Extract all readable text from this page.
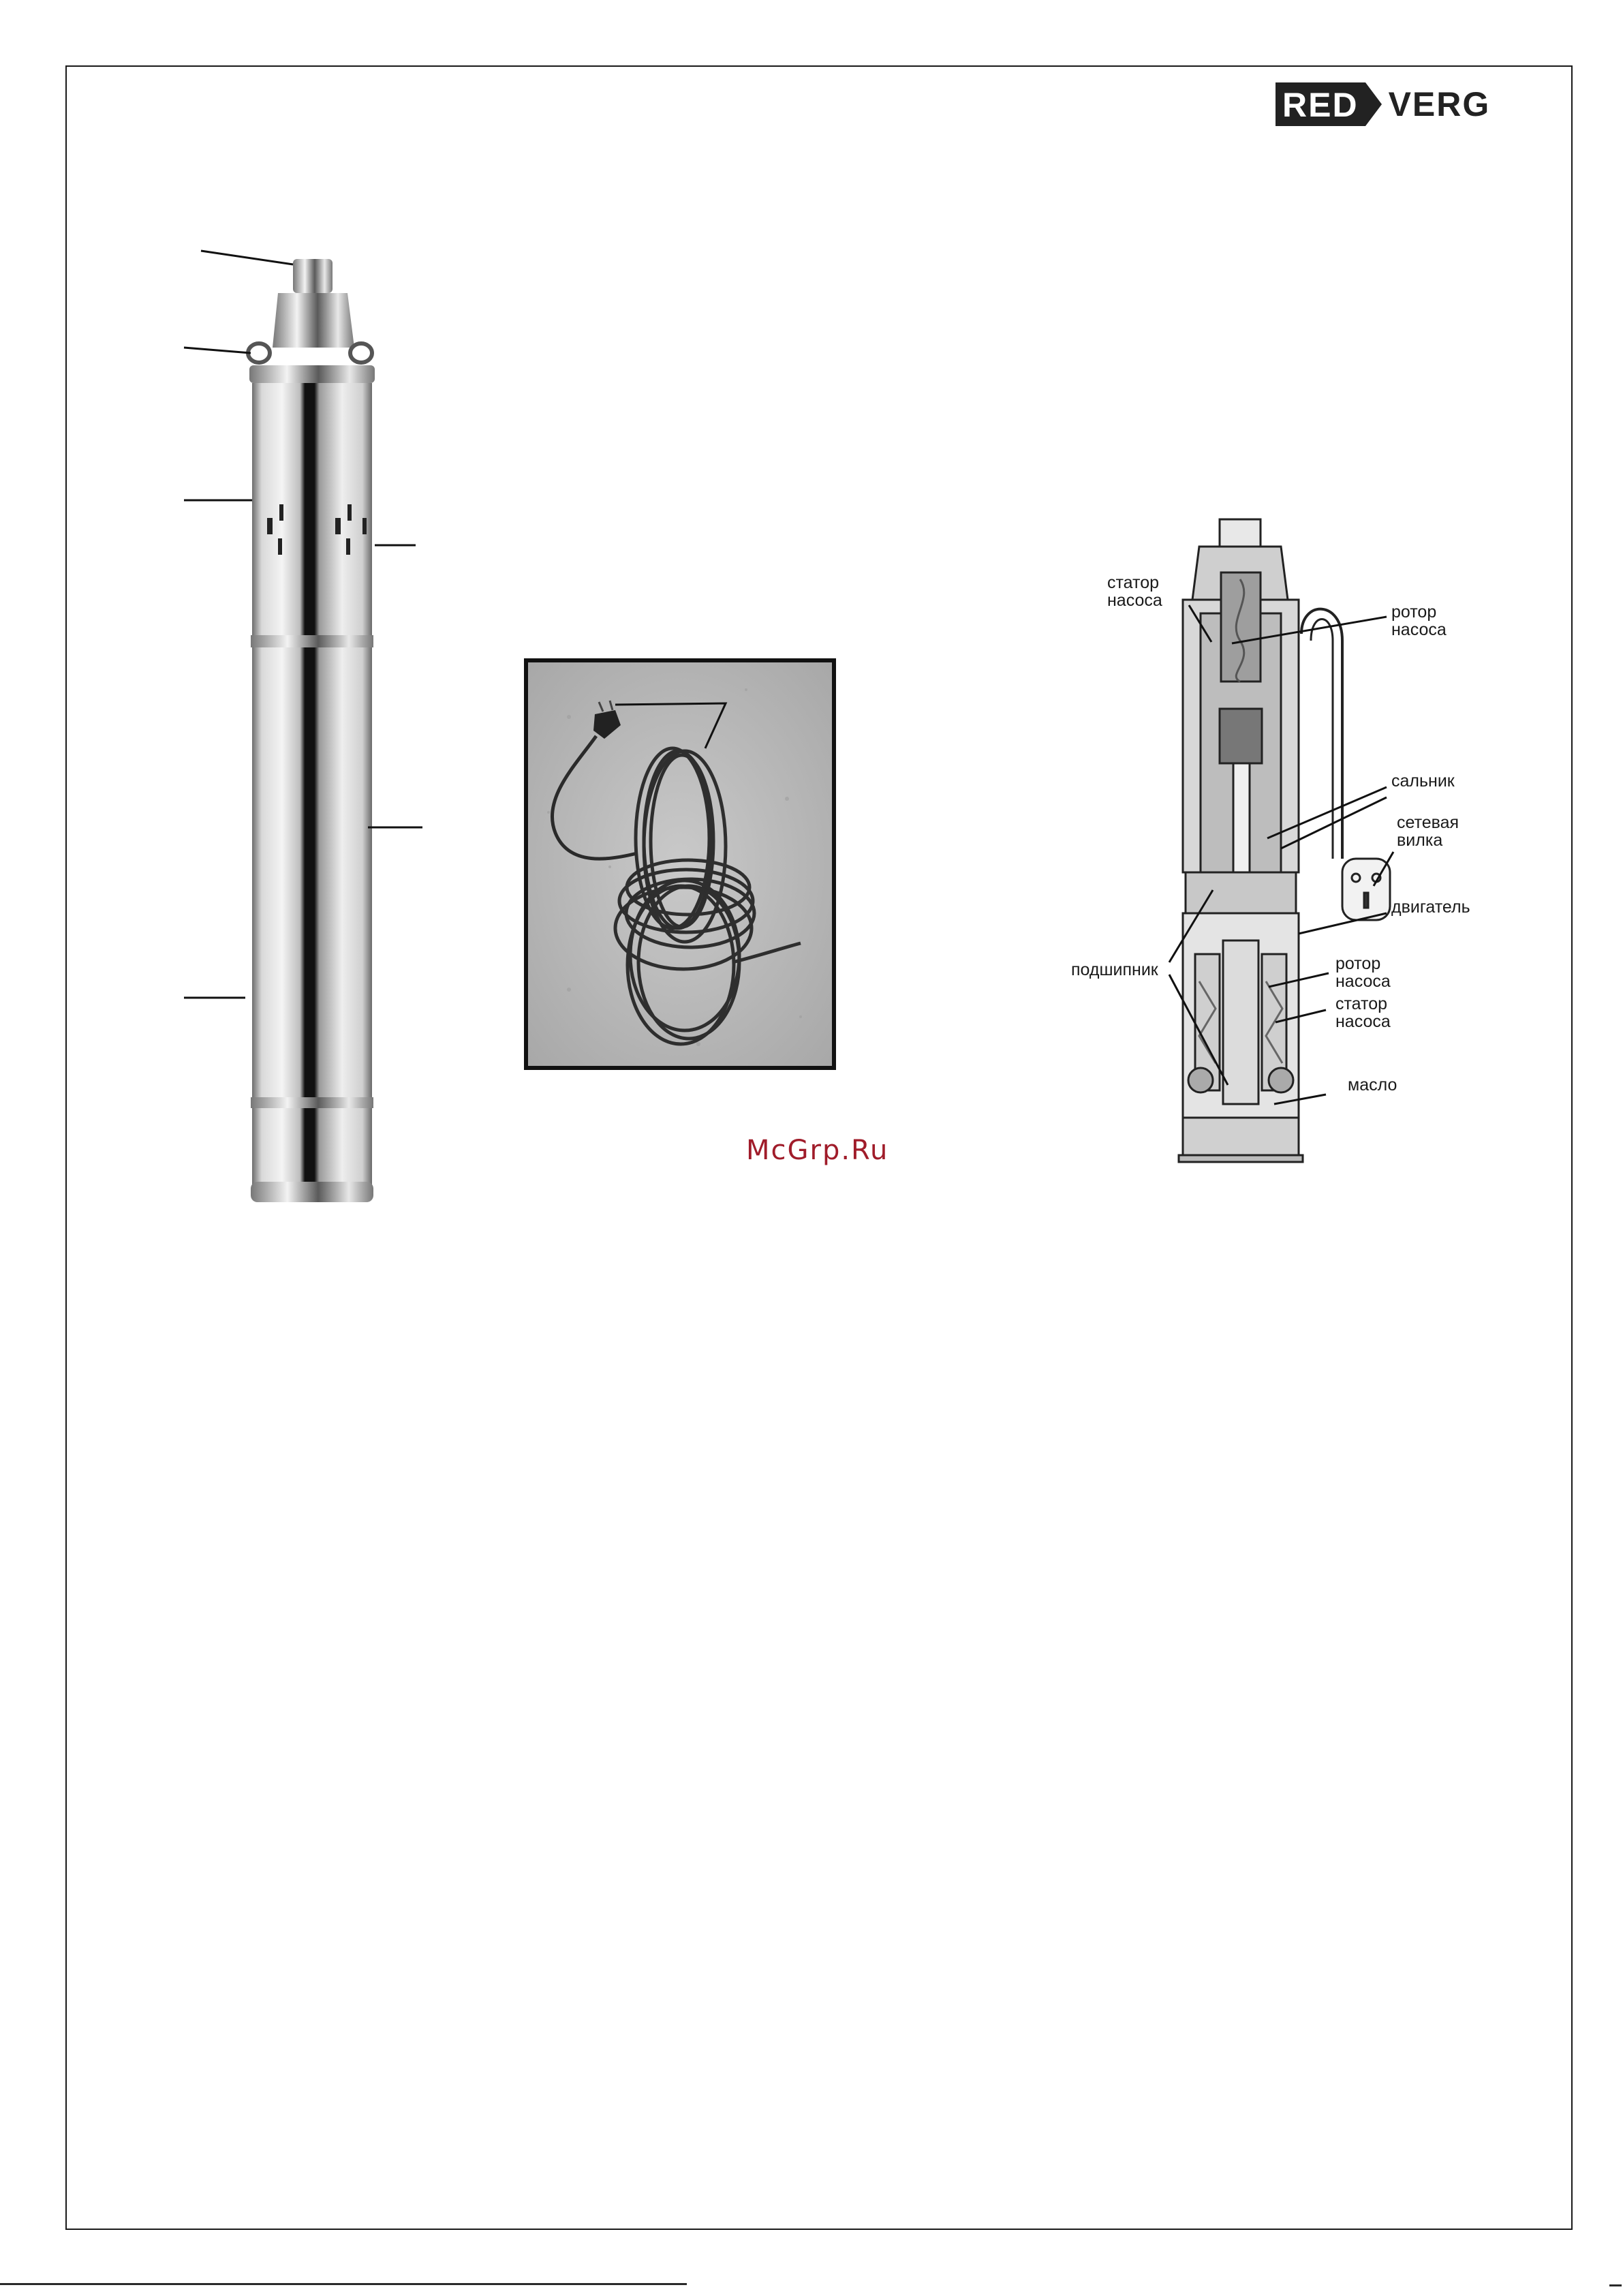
RED VERG
McGrp.Ru
статор
насоса
ротор
насоса
сальник
сетевая
вилка
двигатель
подшипник	ротор
насоса
статор
насоса
масло
